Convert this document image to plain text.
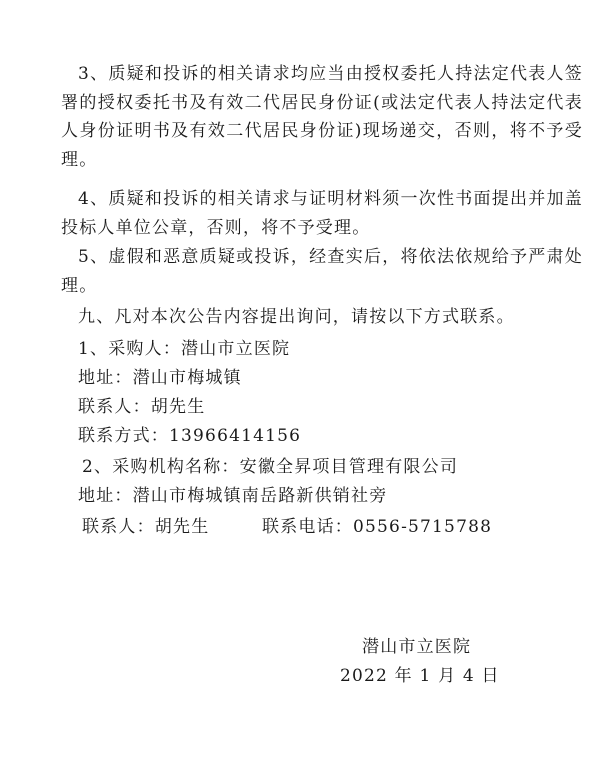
3、质疑和投诉的相关请求均应当由授权委托人持法定代表人签署的授权委托书及有效二代居民身份证(或法定代表人持法定代表人身份证明书及有效二代居民身份证)现场递交，否则，将不予受理。

4、质疑和投诉的相关请求与证明材料须一次性书面提出并加盖投标人单位公章，否则，将不予受理。

5、虚假和恶意质疑或投诉，经查实后，将依法依规给予严肃处理。

九、凡对本次公告内容提出询问，请按以下方式联系。

1、采购人：潜山市立医院

地址：潜山市梅城镇

联系人：胡先生

联系方式：13966414156

2、采购机构名称：安徽全昇项目管理有限公司

地址：潜山市梅城镇南岳路新供销社旁

联系人：胡先生	联系电话：0556-5715788

潜山市立医院

2022 年 1 月 4 日
